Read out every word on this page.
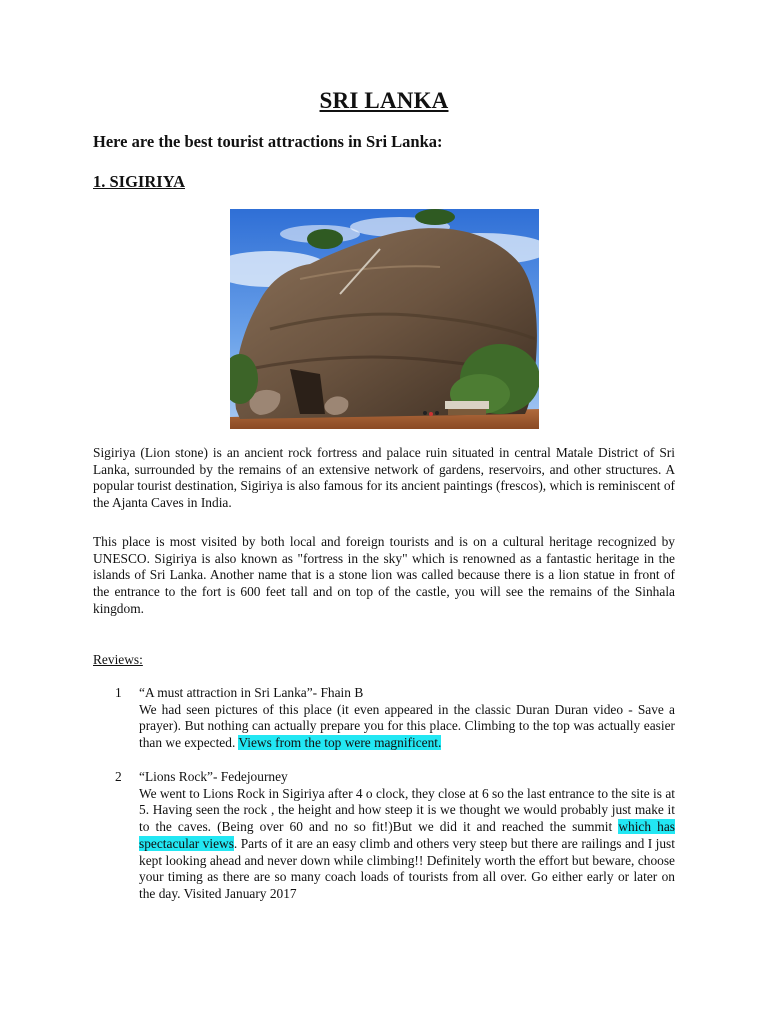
SRI LANKA
Here are the best tourist attractions in Sri Lanka:
1. SIGIRIYA

Sigiriya (Lion stone) is an ancient rock fortress and palace ruin situated in central Matale District of Sri Lanka, surrounded by the remains of an extensive network of gardens, reservoirs, and other structures. A popular tourist destination, Sigiriya is also famous for its ancient paintings (frescos), which is reminiscent of the Ajanta Caves in India.

This place is most visited by both local and foreign tourists and is on a cultural heritage recognized by UNESCO. Sigiriya is also known as "fortress in the sky" which is renowned as a fantastic heritage in the islands of Sri Lanka. Another name that is a stone lion was called because there is a lion statue in front of the entrance to the fort is 600 feet tall and on top of the castle, you will see the remains of the Sinhala kingdom.

Reviews:
1	“A must attraction in Sri Lanka”- Fhain B
We had seen pictures of this place (it even appeared in the classic Duran Duran video - Save a prayer). But nothing can actually prepare you for this place. Climbing to the top was actually easier than we expected. Views from the top were magnificent.
2	“Lions Rock”- Fedejourney
We went to Lions Rock in Sigiriya after 4 o clock, they close at 6 so the last entrance to the site is at 5. Having seen the rock , the height and how steep it is we thought we would probably just make it to the caves. (Being over 60 and no so fit!)But we did it and reached the summit which has spectacular views. Parts of it are an easy climb and others very steep but there are railings and I just kept looking ahead and never down while climbing!! Definitely worth the effort but beware, choose your timing as there are so many coach loads of tourists from all over. Go either early or later on the day. Visited January 2017
